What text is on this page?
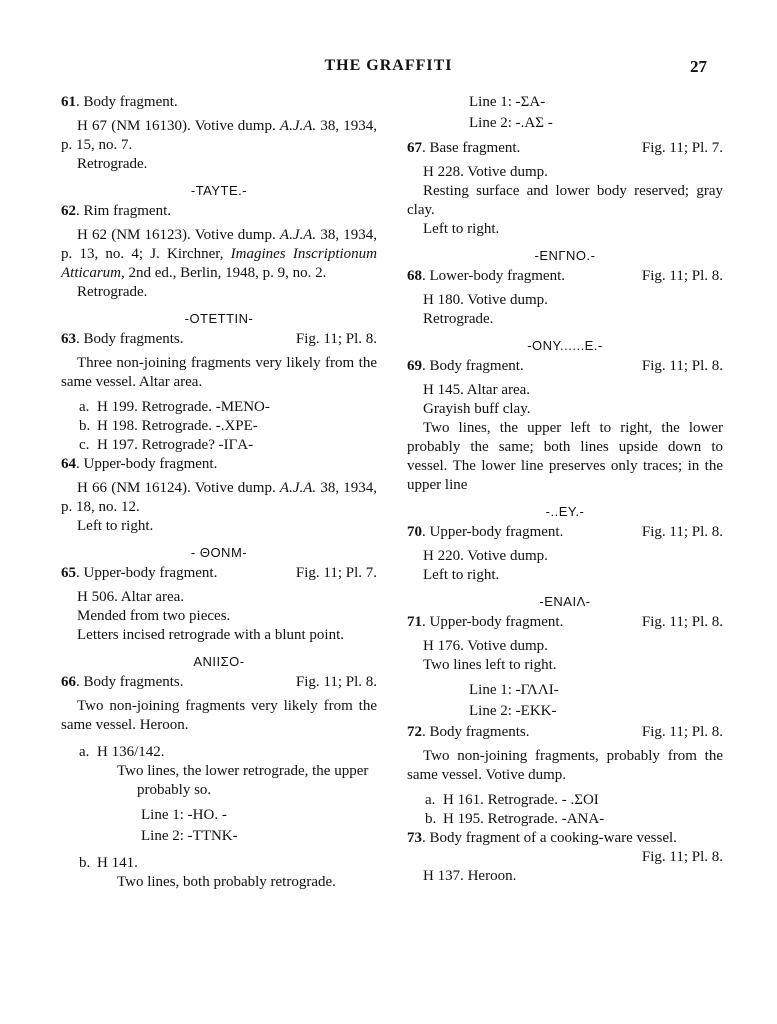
THE GRAFFITI	27
61. Body fragment.
H 67 (NM 16130). Votive dump. A.J.A. 38, 1934, p. 15, no. 7.
Retrograde.
-TAYTE.-
62. Rim fragment.
H 62 (NM 16123). Votive dump. A.J.A. 38, 1934, p. 13, no. 4; J. Kirchner, Imagines Inscriptionum Atticarum, 2nd ed., Berlin, 1948, p. 9, no. 2.
Retrograde.
-OTETTIN-
63. Body fragments.	Fig. 11; Pl. 8.
Three non-joining fragments very likely from the same vessel. Altar area.
a. H 199. Retrograde. -MENO-
b. H 198. Retrograde. -.XPE-
c. H 197. Retrograde? -IΓA-
64. Upper-body fragment.
H 66 (NM 16124). Votive dump. A.J.A. 38, 1934, p. 18, no. 12.
Left to right.
- ΘONM-
65. Upper-body fragment.	Fig. 11; Pl. 7.
H 506. Altar area.
Mended from two pieces.
Letters incised retrograde with a blunt point.
ANIIΣO-
66. Body fragments.	Fig. 11; Pl. 8.
Two non-joining fragments very likely from the same vessel. Heroon.
a. H 136/142.
Two lines, the lower retrograde, the upper probably so.
Line 1: -HO. -
Line 2: -TTNK-
b. H 141.
Two lines, both probably retrograde.
Line 1: -ΣA-
Line 2: -.AΣ -
67. Base fragment.	Fig. 11; Pl. 7.
H 228. Votive dump.
Resting surface and lower body reserved; gray clay.
Left to right.
-ENΓNO.-
68. Lower-body fragment.	Fig. 11; Pl. 8.
H 180. Votive dump.
Retrograde.
-ONY......E.-
69. Body fragment.	Fig. 11; Pl. 8.
H 145. Altar area.
Grayish buff clay.
Two lines, the upper left to right, the lower probably the same; both lines upside down to vessel. The lower line preserves only traces; in the upper line
-..EY.-
70. Upper-body fragment.	Fig. 11; Pl. 8.
H 220. Votive dump.
Left to right.
-ENAIΛ-
71. Upper-body fragment.	Fig. 11; Pl. 8.
H 176. Votive dump.
Two lines left to right.
Line 1: -ΓΛΛI-
Line 2: -EKK-
72. Body fragments.	Fig. 11; Pl. 8.
Two non-joining fragments, probably from the same vessel. Votive dump.
a. H 161. Retrograde. - .ΣOI
b. H 195. Retrograde. -ANA-
73. Body fragment of a cooking-ware vessel.
Fig. 11; Pl. 8.
H 137. Heroon.
